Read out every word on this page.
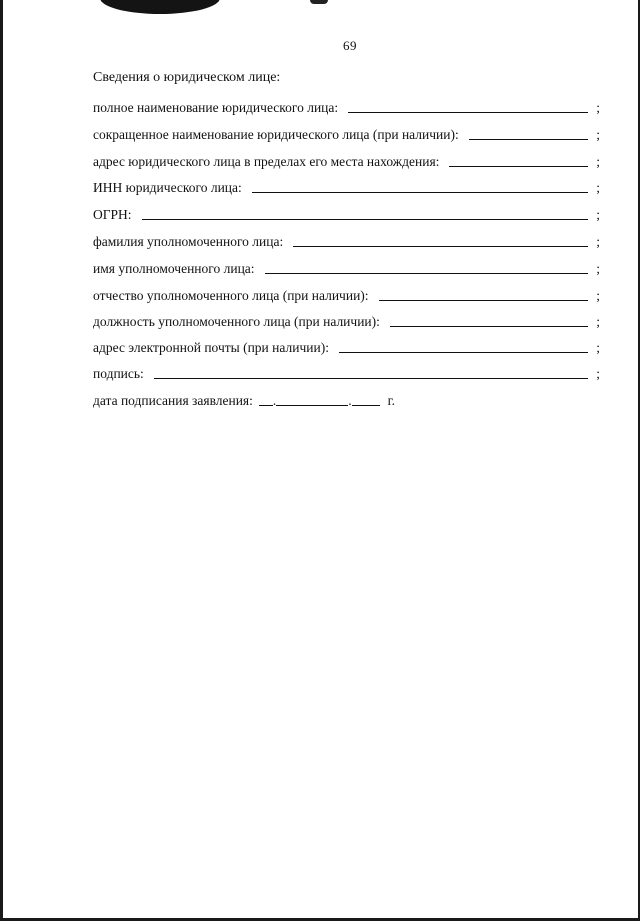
69
Сведения о юридическом лице:
полное наименование юридического лица:	;
сокращенное наименование юридического лица (при наличии):	;
адрес юридического лица в пределах его места нахождения:	;
ИНН юридического лица:	;
ОГРН:	;
фамилия уполномоченного лица:	;
имя уполномоченного лица:	;
отчество уполномоченного лица (при наличии):	;
должность уполномоченного лица (при наличии):	;
адрес электронной почты (при наличии):	;
подпись:	;
дата подписания заявления: .	.	г.
